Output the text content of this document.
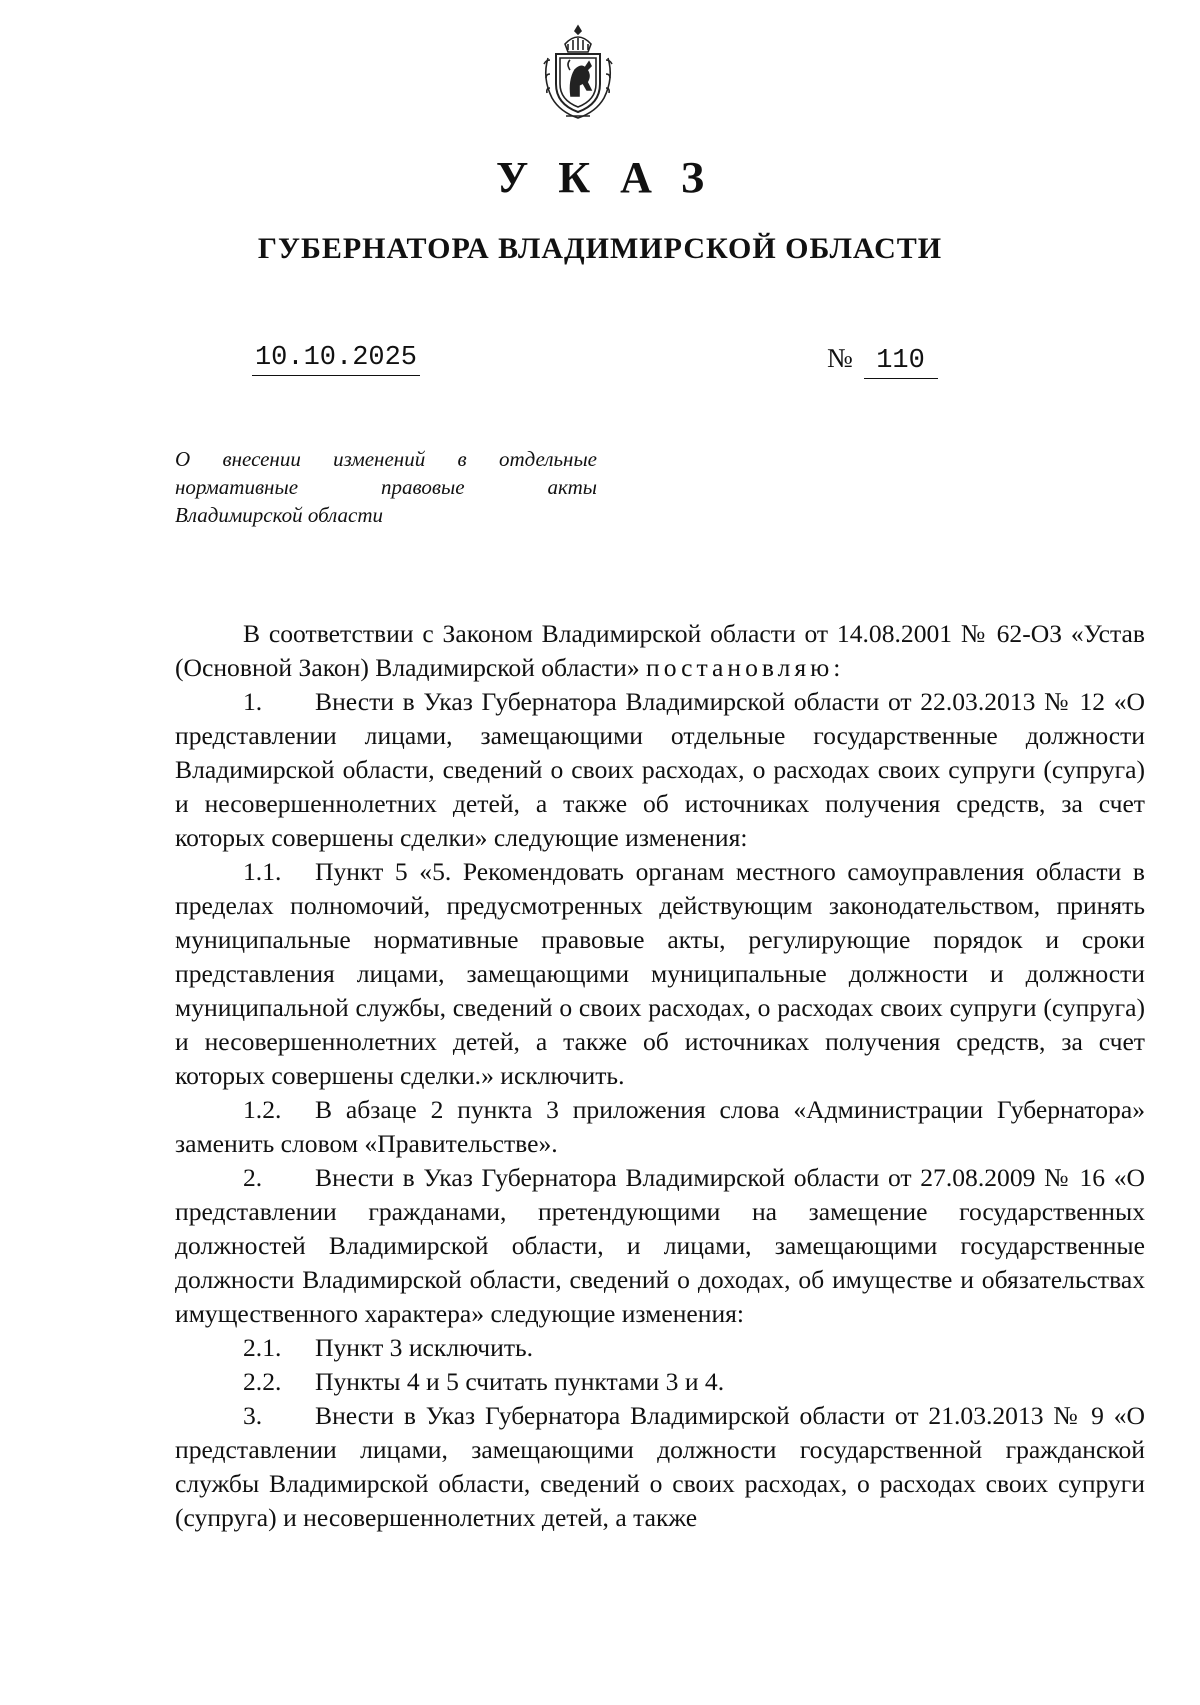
УКАЗ
ГУБЕРНАТОРА ВЛАДИМИРСКОЙ ОБЛАСТИ
10.10.2025	№ 110
О внесении изменений в отдельные
нормативные правовые акты
Владимирской области

В соответствии с Законом Владимирской области от 14.08.2001 № 62-ОЗ «Устав (Основной Закон) Владимирской области» постановляю:

1. Внести в Указ Губернатора Владимирской области от 22.03.2013 № 12 «О представлении лицами, замещающими отдельные государственные должности Владимирской области, сведений о своих расходах, о расходах своих супруги (супруга) и несовершеннолетних детей, а также об источниках получения средств, за счет которых совершены сделки» следующие изменения:

1.1. Пункт 5 «5. Рекомендовать органам местного самоуправления области в пределах полномочий, предусмотренных действующим законодательством, принять муниципальные нормативные правовые акты, регулирующие порядок и сроки представления лицами, замещающими муниципальные должности и должности муниципальной службы, сведений о своих расходах, о расходах своих супруги (супруга) и несовершеннолетних детей, а также об источниках получения средств, за счет которых совершены сделки.» исключить.

1.2. В абзаце 2 пункта 3 приложения слова «Администрации Губернатора» заменить словом «Правительстве».

2. Внести в Указ Губернатора Владимирской области от 27.08.2009 № 16 «О представлении гражданами, претендующими на замещение государственных должностей Владимирской области, и лицами, замещающими государственные должности Владимирской области, сведений о доходах, об имуществе и обязательствах имущественного характера» следующие изменения:

2.1. Пункт 3 исключить.

2.2. Пункты 4 и 5 считать пунктами 3 и 4.

3. Внести в Указ Губернатора Владимирской области от 21.03.2013 № 9 «О представлении лицами, замещающими должности государственной гражданской службы Владимирской области, сведений о своих расходах, о расходах своих супруги (супруга) и несовершеннолетних детей, а также
